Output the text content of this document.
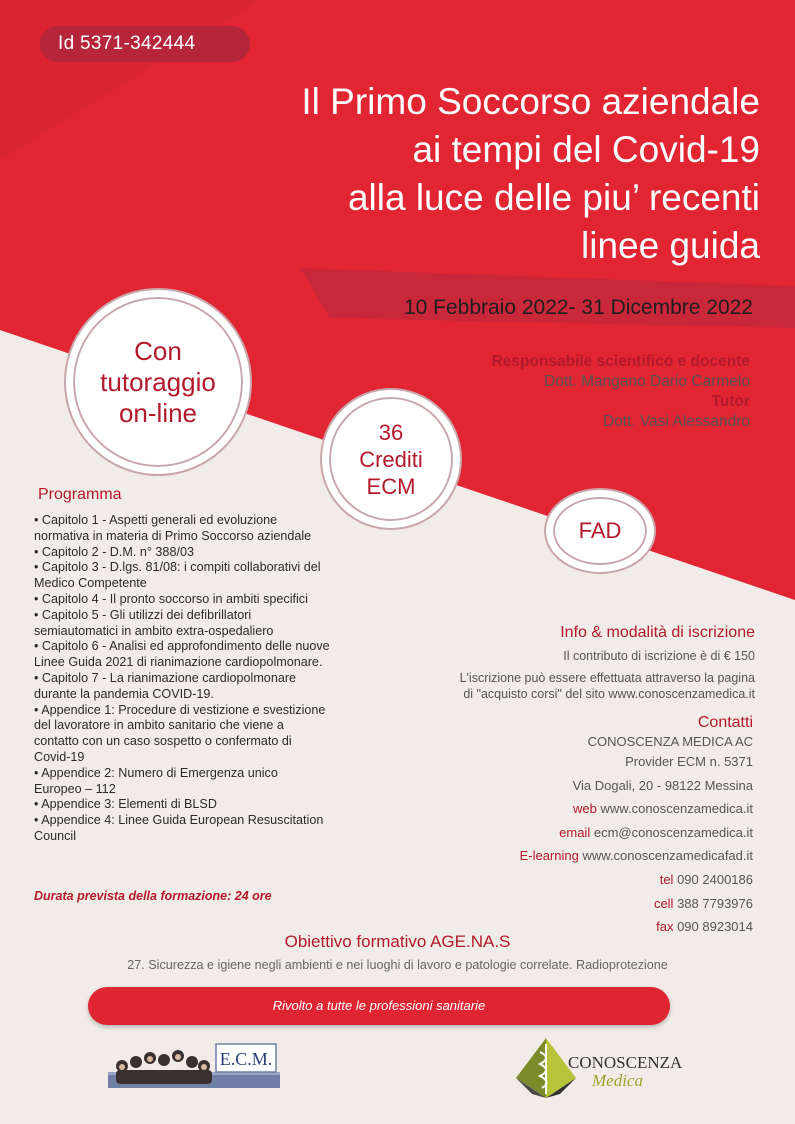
Id 5371-342444
Il Primo Soccorso aziendale
ai tempi del Covid-19
alla luce delle piu’ recenti
linee guida
10 Febbraio 2022- 31 Dicembre 2022
Con
tutoraggio
on-line
36
Crediti
ECM
FAD
Responsabile scientifico e docente
Dott. Mangano Dario Carmelo
Tutor
Dott. Vasi Alessandro
Programma
• Capitolo 1 - Aspetti generali ed evoluzione
normativa in materia di Primo Soccorso aziendale
• Capitolo 2 - D.M. n° 388/03
• Capitolo 3 - D.lgs. 81/08: i compiti collaborativi del
Medico Competente
• Capitolo 4 - Il pronto soccorso in ambiti specifici
• Capitolo 5 - Gli utilizzi dei defibrillatori
semiautomatici in ambito extra-ospedaliero
• Capitolo 6 - Analisi ed approfondimento delle nuove
Linee Guida 2021 di rianimazione cardiopolmonare.
• Capitolo 7 - La rianimazione cardiopolmonare
durante la pandemia COVID-19.
• Appendice 1: Procedure di vestizione e svestizione
del lavoratore in ambito sanitario che viene a
contatto con un caso sospetto o confermato di
Covid-19
• Appendice 2: Numero di Emergenza unico
Europeo – 112
• Appendice 3: Elementi di BLSD
• Appendice 4: Linee Guida European Resuscitation
Council
Durata prevista della formazione: 24 ore
Info & modalità di iscrizione
Il contributo di iscrizione è di € 150
L'iscrizione può essere effettuata attraverso la pagina
di "acquisto corsi" del sito www.conoscenzamedica.it
Contatti
CONOSCENZA MEDICA AC
Provider ECM n. 5371
Via Dogali, 20 - 98122 Messina
web www.conoscenzamedica.it
email ecm@conoscenzamedica.it
E-learning www.conoscenzamedicafad.it
tel 090 2400186
cell 388 7793976
fax 090 8923014
Obiettivo formativo AGE.NA.S
27. Sicurezza e igiene negli ambienti e nei luoghi di lavoro e patologie correlate. Radioprotezione
Rivolto a tutte le professioni sanitarie
E.C.M.	CONOSCENZA
Medica
